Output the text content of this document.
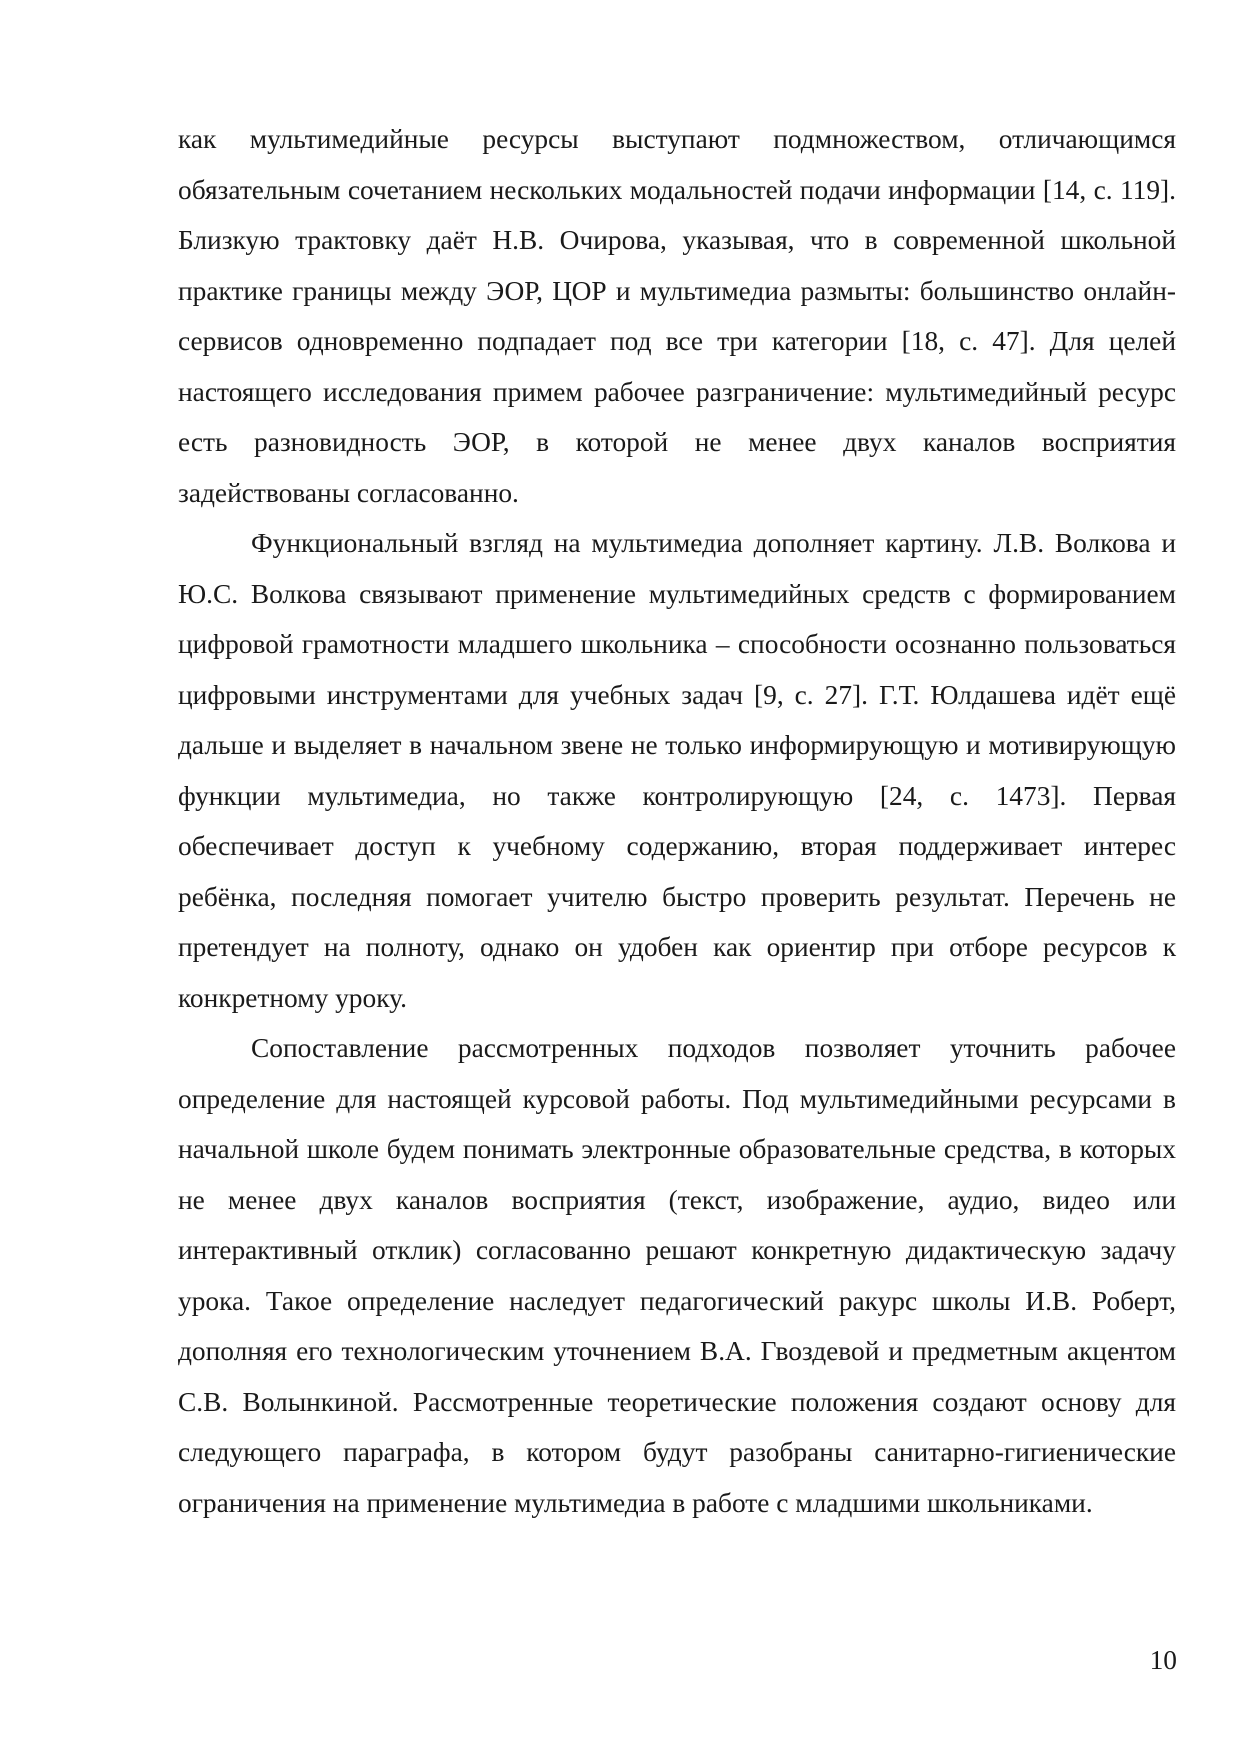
как мультимедийные ресурсы выступают подмножеством, отличающимся обязательным сочетанием нескольких модальностей подачи информации [14, с. 119]. Близкую трактовку даёт Н.В. Очирова, указывая, что в современной школьной практике границы между ЭОР, ЦОР и мультимедиа размыты: большинство онлайн-сервисов одновременно подпадает под все три категории [18, с. 47]. Для целей настоящего исследования примем рабочее разграничение: мультимедийный ресурс есть разновидность ЭОР, в которой не менее двух каналов восприятия задействованы согласованно.

Функциональный взгляд на мультимедиа дополняет картину. Л.В. Волкова и Ю.С. Волкова связывают применение мультимедийных средств с формированием цифровой грамотности младшего школьника – способности осознанно пользоваться цифровыми инструментами для учебных задач [9, с. 27]. Г.Т. Юлдашева идёт ещё дальше и выделяет в начальном звене не только информирующую и мотивирующую функции мультимедиа, но также контролирующую [24, с. 1473]. Первая обеспечивает доступ к учебному содержанию, вторая поддерживает интерес ребёнка, последняя помогает учителю быстро проверить результат. Перечень не претендует на полноту, однако он удобен как ориентир при отборе ресурсов к конкретному уроку.

Сопоставление рассмотренных подходов позволяет уточнить рабочее определение для настоящей курсовой работы. Под мультимедийными ресурсами в начальной школе будем понимать электронные образовательные средства, в которых не менее двух каналов восприятия (текст, изображение, аудио, видео или интерактивный отклик) согласованно решают конкретную дидактическую задачу урока. Такое определение наследует педагогический ракурс школы И.В. Роберт, дополняя его технологическим уточнением В.А. Гвоздевой и предметным акцентом С.В. Волынкиной. Рассмотренные теоретические положения создают основу для следующего параграфа, в котором будут разобраны санитарно-гигиенические ограничения на применение мультимедиа в работе с младшими школьниками.

10
